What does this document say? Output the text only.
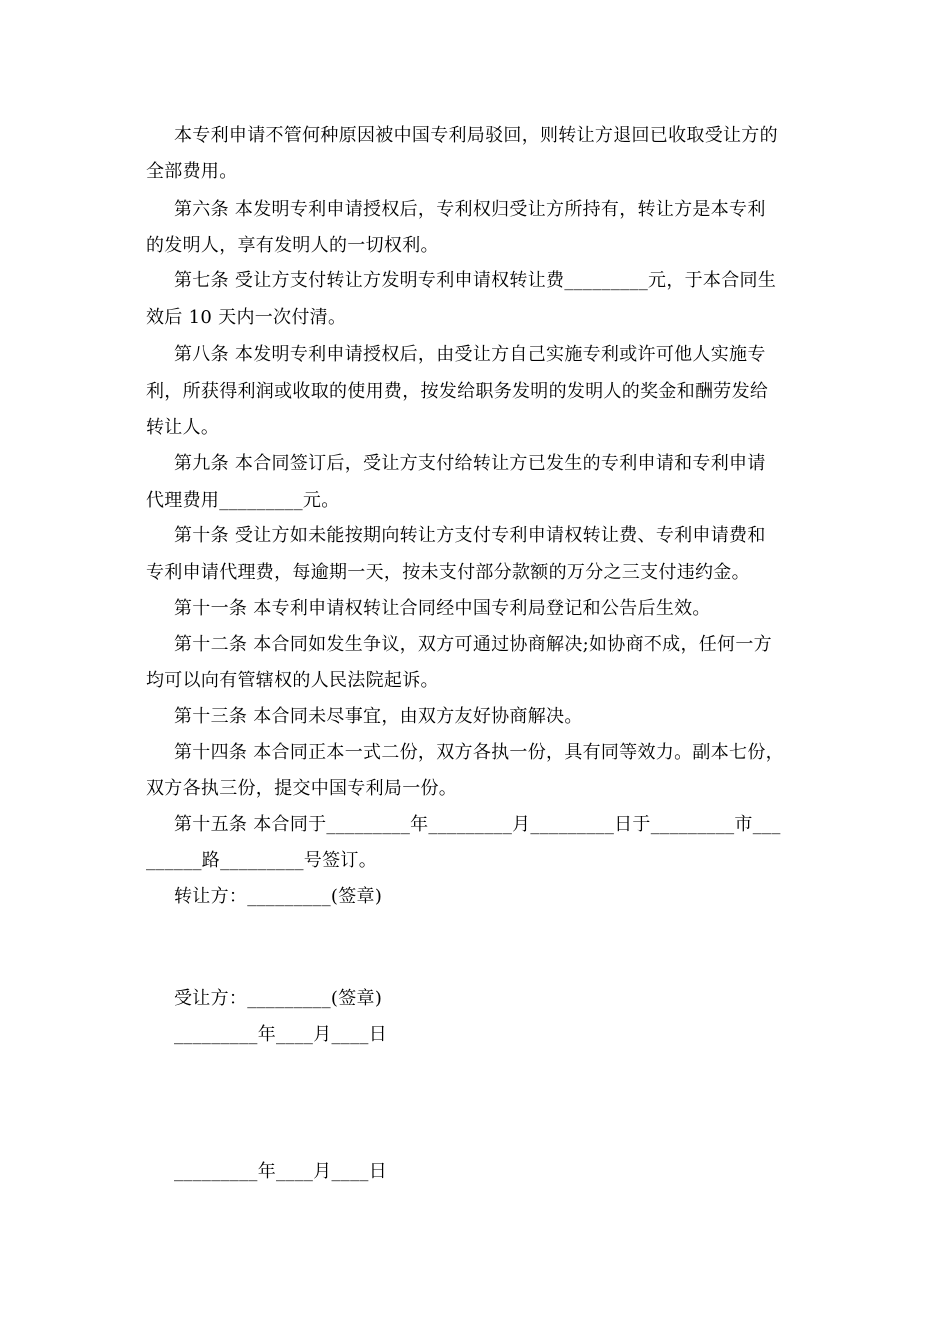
本专利申请不管何种原因被中国专利局驳回，则转让方退回已收取受让方的
全部费用。
第六条 本发明专利申请授权后，专利权归受让方所持有，转让方是本专利
的发明人，享有发明人的一切权利。
第七条 受让方支付转让方发明专利申请权转让费_________元，于本合同生
效后 10 天内一次付清。
第八条 本发明专利申请授权后，由受让方自己实施专利或许可他人实施专
利，所获得利润或收取的使用费，按发给职务发明的发明人的奖金和酬劳发给
转让人。
第九条 本合同签订后，受让方支付给转让方已发生的专利申请和专利申请
代理费用_________元。
第十条 受让方如未能按期向转让方支付专利申请权转让费、专利申请费和
专利申请代理费，每逾期一天，按未支付部分款额的万分之三支付违约金。
第十一条 本专利申请权转让合同经中国专利局登记和公告后生效。
第十二条 本合同如发生争议，双方可通过协商解决;如协商不成，任何一方
均可以向有管辖权的人民法院起诉。
第十三条 本合同未尽事宜，由双方友好协商解决。
第十四条 本合同正本一式二份，双方各执一份，具有同等效力。副本七份，
双方各执三份，提交中国专利局一份。
第十五条 本合同于_________年_________月_________日于_________市___
______路_________号签订。
转让方：_________(签章)
受让方：_________(签章)
_________年____月____日
_________年____月____日
